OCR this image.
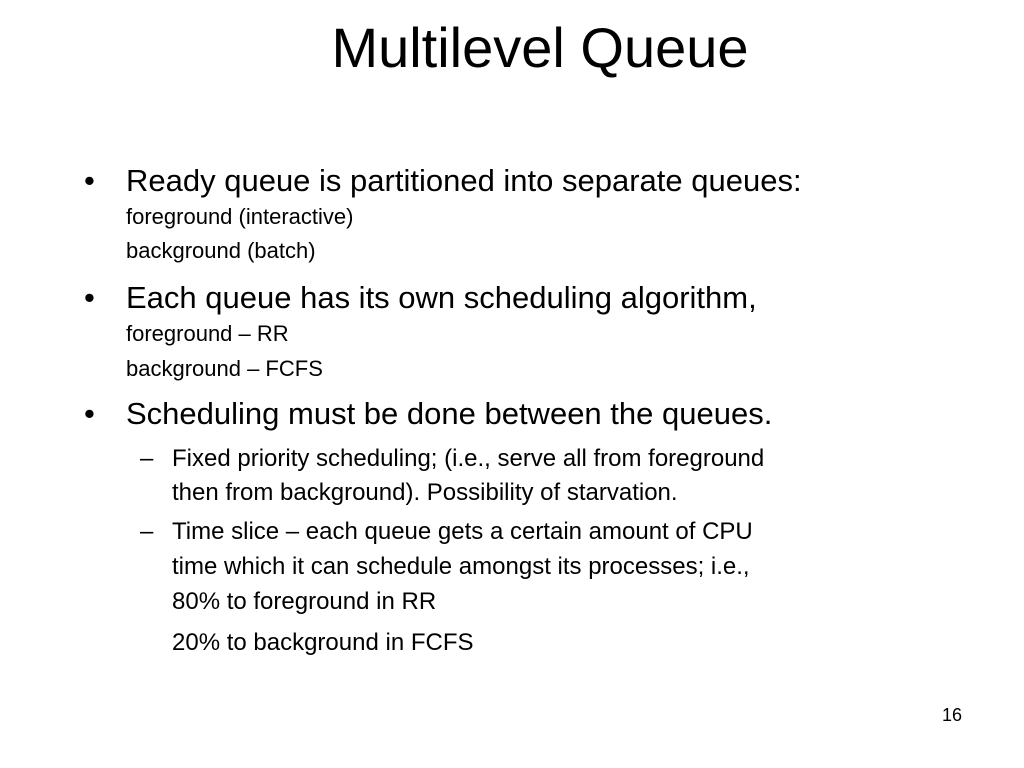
Multilevel Queue
• Ready queue is partitioned into separate queues:
foreground (interactive)
background (batch)
• Each queue has its own scheduling algorithm,
foreground – RR
background – FCFS
• Scheduling must be done between the queues.
– Fixed priority scheduling; (i.e., serve all from foreground
then from background). Possibility of starvation.
– Time slice – each queue gets a certain amount of CPU
time which it can schedule amongst its processes; i.e.,
80% to foreground in RR
20% to background in FCFS
16
